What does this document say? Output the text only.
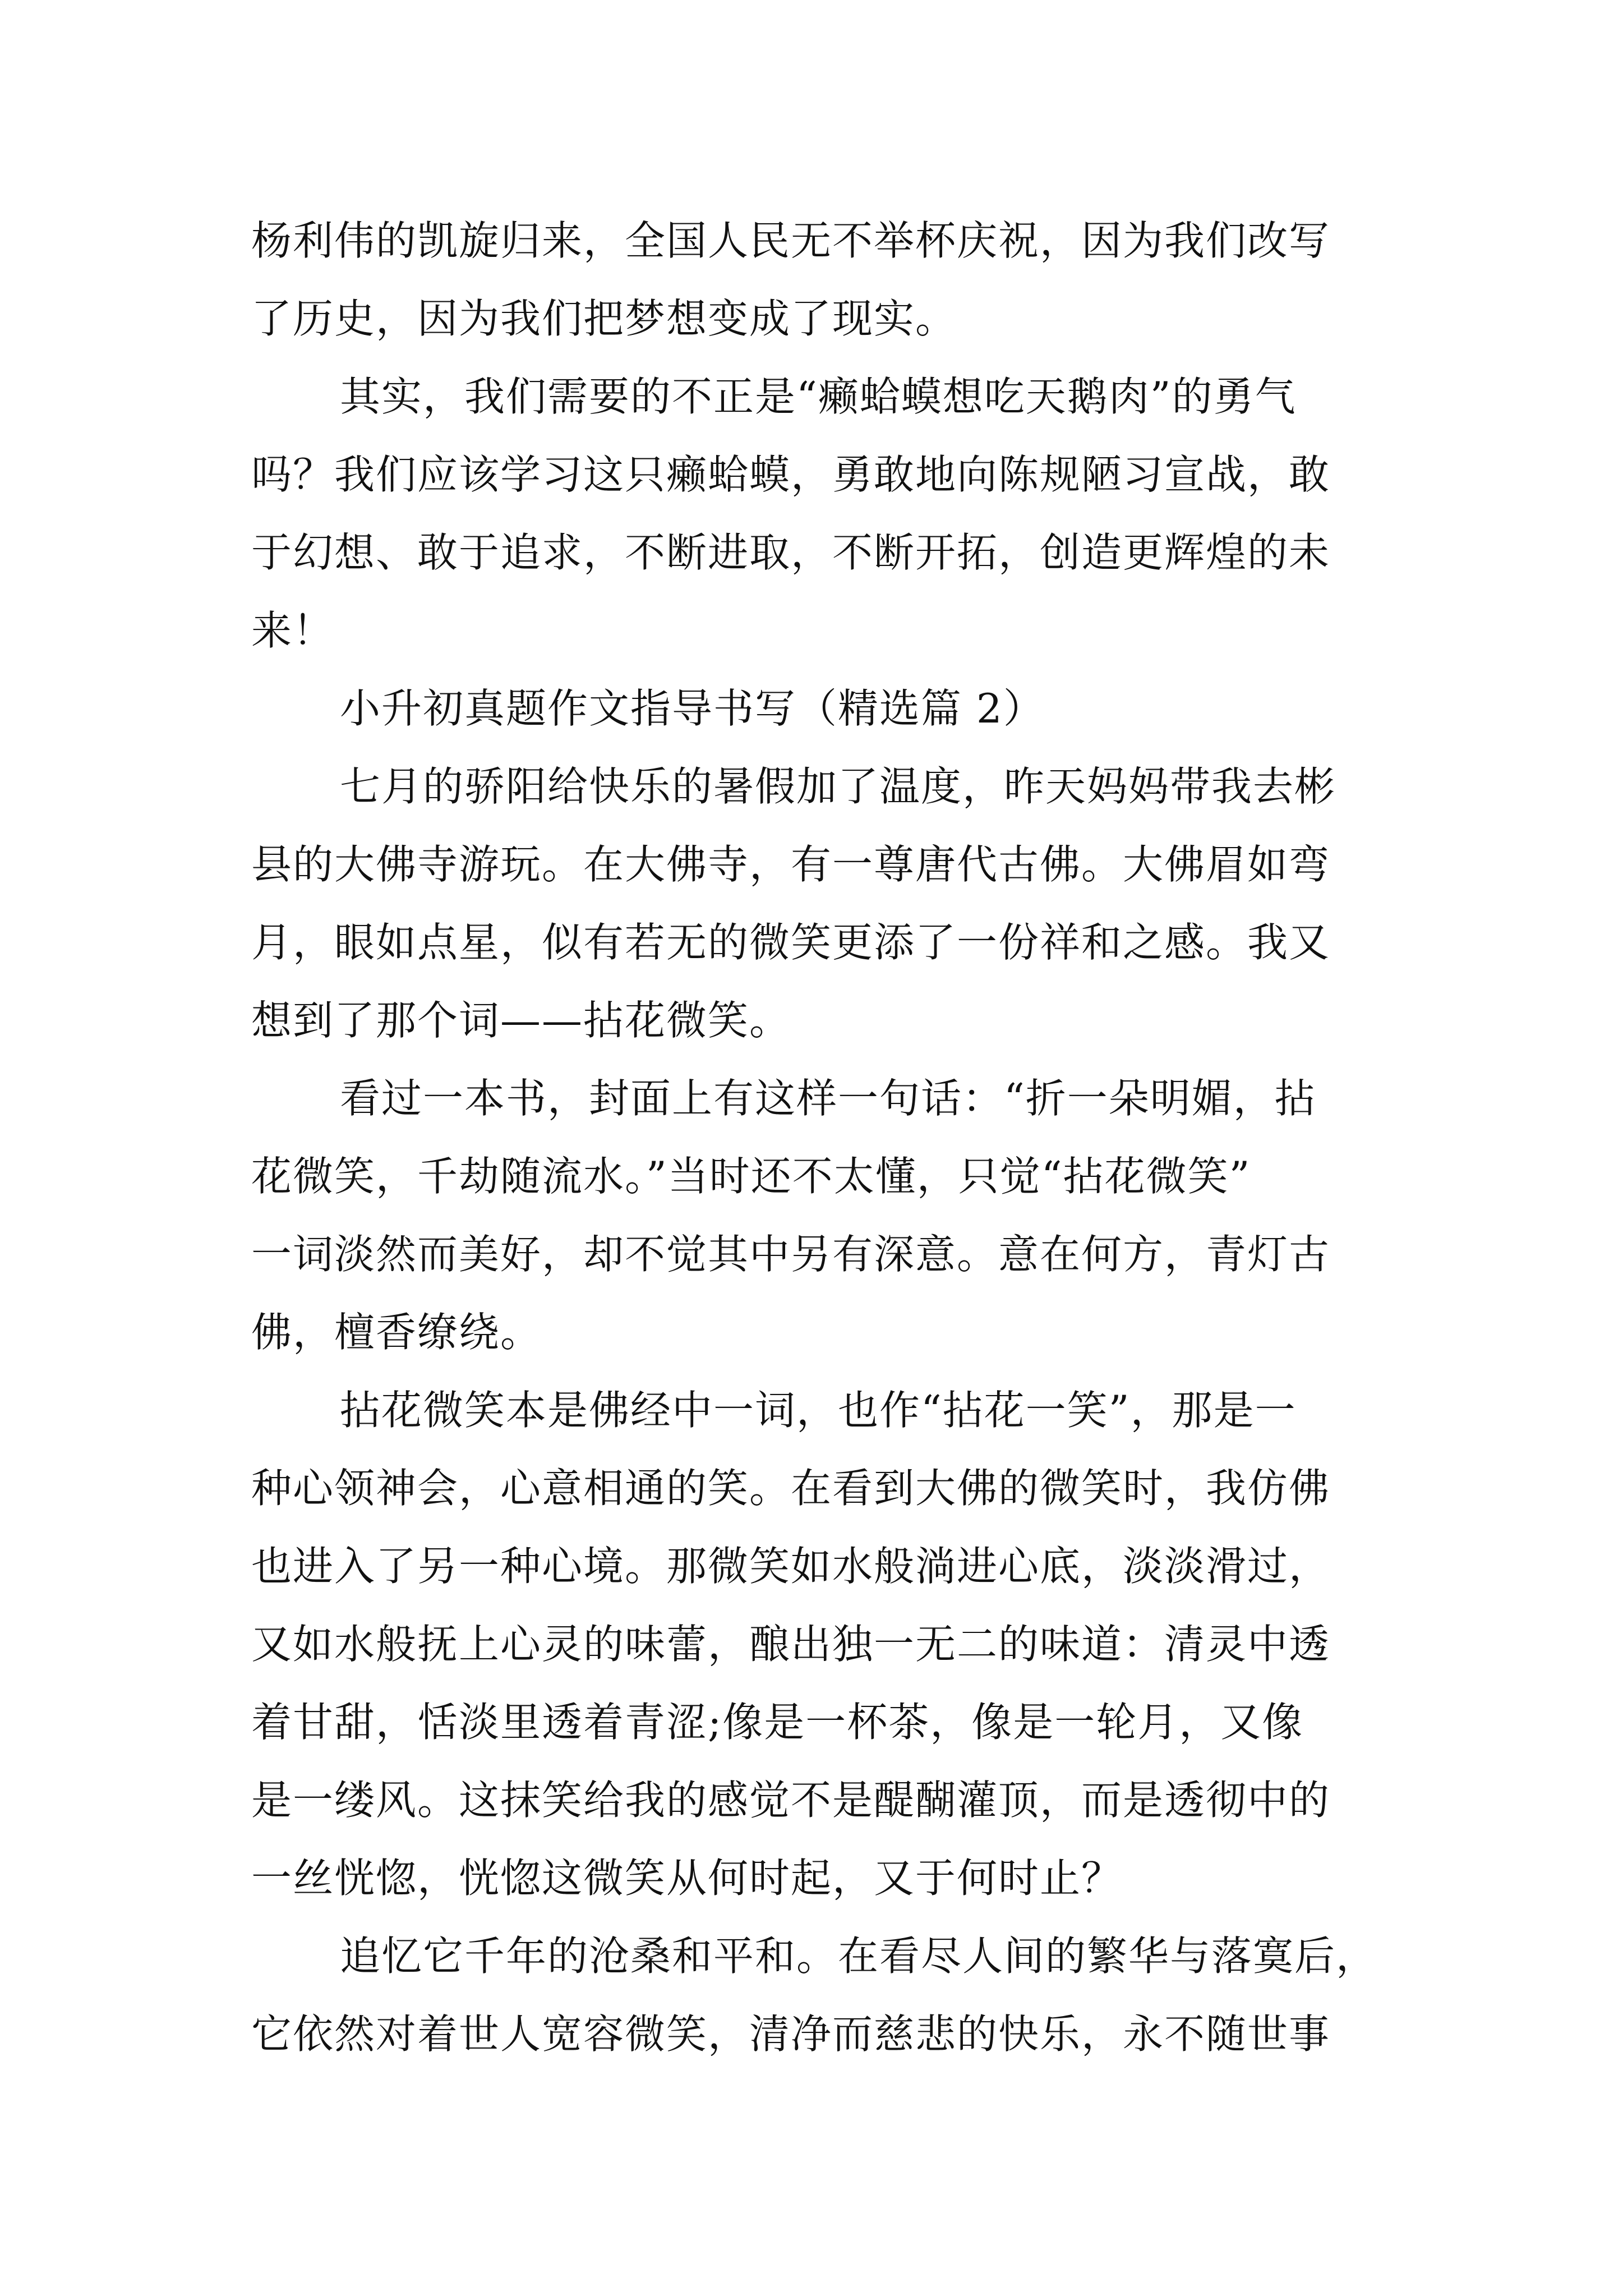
杨利伟的凯旋归来，全国人民无不举杯庆祝，因为我们改写
了历史，因为我们把梦想变成了现实。
其实，我们需要的不正是“癞蛤蟆想吃天鹅肉”的勇气
吗？我们应该学习这只癞蛤蟆，勇敢地向陈规陋习宣战，敢
于幻想、敢于追求，不断进取，不断开拓，创造更辉煌的未
来！
小升初真题作文指导书写（精选篇 2）
七月的骄阳给快乐的暑假加了温度，昨天妈妈带我去彬
县的大佛寺游玩。在大佛寺，有一尊唐代古佛。大佛眉如弯
月，眼如点星，似有若无的微笑更添了一份祥和之感。我又
想到了那个词——拈花微笑。
看过一本书，封面上有这样一句话：“折一朵明媚，拈
花微笑，千劫随流水。”当时还不太懂，只觉“拈花微笑”
一词淡然而美好，却不觉其中另有深意。意在何方，青灯古
佛，檀香缭绕。
拈花微笑本是佛经中一词，也作“拈花一笑”，那是一
种心领神会，心意相通的笑。在看到大佛的微笑时，我仿佛
也进入了另一种心境。那微笑如水般淌进心底，淡淡滑过，
又如水般抚上心灵的味蕾，酿出独一无二的味道：清灵中透
着甘甜，恬淡里透着青涩;像是一杯茶，像是一轮月，又像
是一缕风。这抹笑给我的感觉不是醍醐灌顶，而是透彻中的
一丝恍惚，恍惚这微笑从何时起，又于何时止？
追忆它千年的沧桑和平和。在看尽人间的繁华与落寞后，
它依然对着世人宽容微笑，清净而慈悲的快乐，永不随世事
